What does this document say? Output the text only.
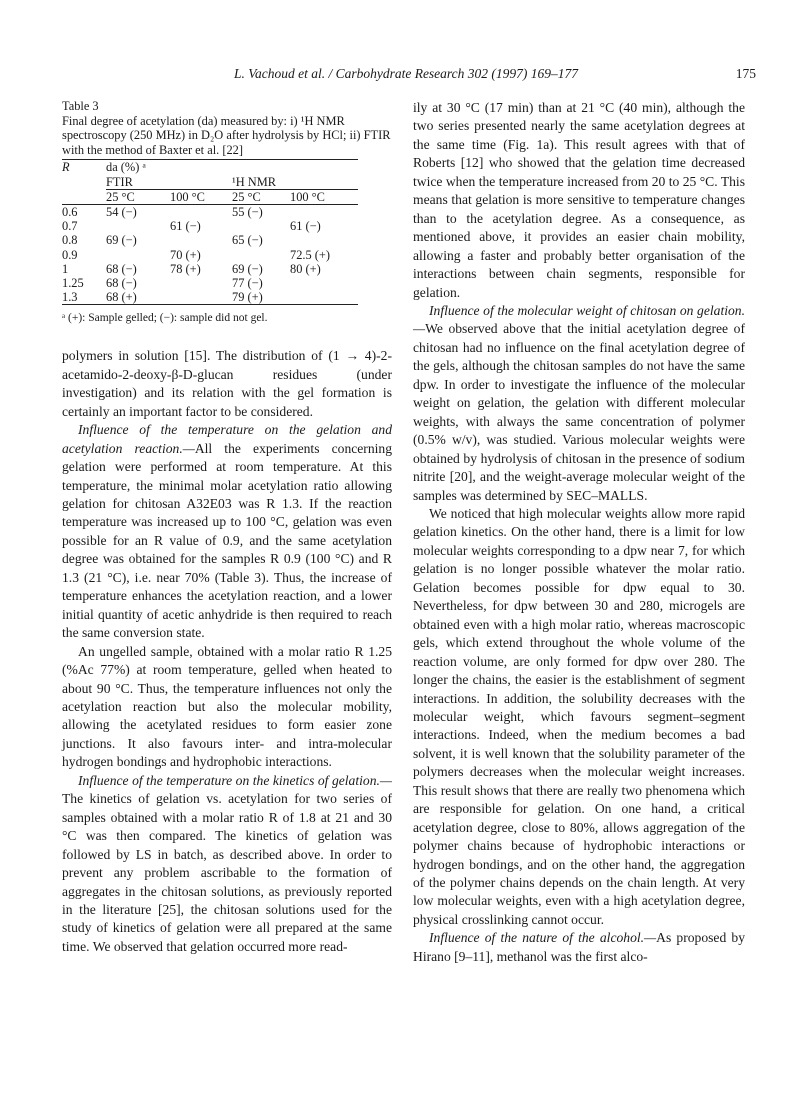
L. Vachoud et al. / Carbohydrate Research 302 (1997) 169–177	175
Table 3
Final degree of acetylation (da) measured by: i) ¹H NMR spectroscopy (250 MHz) in D₂O after hydrolysis by HCl; ii) FTIR with the method of Baxter et al. [22]
R	da (%) ᵃ			
	FTIR		¹H NMR	
	25 °C	100 °C	25 °C	100 °C
0.6	54 (−)		55 (−)	
0.7		61 (−)		61 (−)
0.8	69 (−)		65 (−)	
0.9		70 (+)		72.5 (+)
1	68 (−)	78 (+)	69 (−)	80 (+)
1.25	68 (−)		77 (−)	
1.3	68 (+)		79 (+)	
ᵃ (+): Sample gelled; (−): sample did not gel.

polymers in solution [15]. The distribution of (1 → 4)-2-acetamido-2-deoxy-β-D-glucan residues (under investigation) and its relation with the gel formation is certainly an important factor to be considered.

Influence of the temperature on the gelation and acetylation reaction.—All the experiments concerning gelation were performed at room temperature. At this temperature, the minimal molar acetylation ratio allowing gelation for chitosan A32E03 was R 1.3. If the reaction temperature was increased up to 100 °C, gelation was even possible for an R value of 0.9, and the same acetylation degree was obtained for the samples R 0.9 (100 °C) and R 1.3 (21 °C), i.e. near 70% (Table 3). Thus, the increase of temperature enhances the acetylation reaction, and a lower initial quantity of acetic anhydride is then required to reach the same conversion state.

An ungelled sample, obtained with a molar ratio R 1.25 (%Ac 77%) at room temperature, gelled when heated to about 90 °C. Thus, the temperature influences not only the acetylation reaction but also the molecular mobility, allowing the acetylated residues to form easier zone junctions. It also favours inter- and intra-molecular hydrogen bondings and hydrophobic interactions.

Influence of the temperature on the kinetics of gelation.—The kinetics of gelation vs. acetylation for two series of samples obtained with a molar ratio R of 1.8 at 21 and 30 °C was then compared. The kinetics of gelation was followed by LS in batch, as described above. In order to prevent any problem ascribable to the formation of aggregates in the chitosan solutions, as previously reported in the literature [25], the chitosan solutions used for the study of kinetics of gelation were all prepared at the same time. We observed that gelation occurred more read-

ily at 30 °C (17 min) than at 21 °C (40 min), although the two series presented nearly the same acetylation degrees at the same time (Fig. 1a). This result agrees with that of Roberts [12] who showed that the gelation time decreased twice when the temperature increased from 20 to 25 °C. This means that gelation is more sensitive to temperature changes than to the acetylation degree. As a consequence, as mentioned above, it provides an easier chain mobility, allowing a faster and probably better organisation of the interactions between chain segments, responsible for gelation.

Influence of the molecular weight of chitosan on gelation.—We observed above that the initial acetylation degree of chitosan had no influence on the final acetylation degree of the gels, although the chitosan samples do not have the same dpw. In order to investigate the influence of the molecular weight on gelation, the gelation with different molecular weights, with always the same concentration of polymer (0.5% w/v), was studied. Various molecular weights were obtained by hydrolysis of chitosan in the presence of sodium nitrite [20], and the weight-average molecular weight of the samples was determined by SEC–MALLS.

We noticed that high molecular weights allow more rapid gelation kinetics. On the other hand, there is a limit for low molecular weights corresponding to a dpw near 7, for which gelation is no longer possible whatever the molar ratio. Gelation becomes possible for dpw equal to 30. Nevertheless, for dpw between 30 and 280, microgels are obtained even with a high molar ratio, whereas macroscopic gels, which extend throughout the whole volume of the reaction volume, are only formed for dpw over 280. The longer the chains, the easier is the establishment of segment interactions. In addition, the solubility decreases with the molecular weight, which favours segment–segment interactions. Indeed, when the medium becomes a bad solvent, it is well known that the solubility parameter of the polymers decreases when the molecular weight increases. This result shows that there are really two phenomena which are responsible for gelation. On one hand, a critical acetylation degree, close to 80%, allows aggregation of the polymer chains because of hydrophobic interactions or hydrogen bondings, and on the other hand, the aggregation of the polymer chains depends on the chain length. At very low molecular weights, even with a high acetylation degree, physical crosslinking cannot occur.

Influence of the nature of the alcohol.—As proposed by Hirano [9–11], methanol was the first alco-
